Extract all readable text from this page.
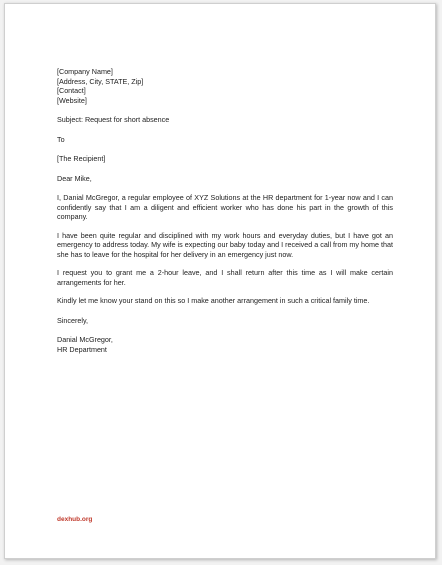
[Company Name]
[Address, City, STATE, Zip]
[Contact]
[Website]
Subject: Request for short absence
To
[The Recipient]
Dear Mike,

I, Danial McGregor, a regular employee of XYZ Solutions at the HR department for 1-year now and I can confidently say that I am a diligent and efficient worker who has done his part in the growth of this company.

I have been quite regular and disciplined with my work hours and everyday duties, but I have got an emergency to address today. My wife is expecting our baby today and I received a call from my home that she has to leave for the hospital for her delivery in an emergency just now.

I request you to grant me a 2-hour leave, and I shall return after this time as I will make certain arrangements for her.

Kindly let me know your stand on this so I make another arrangement in such a critical family time.

Sincerely,
Danial McGregor,
HR Department
dexhub.org
